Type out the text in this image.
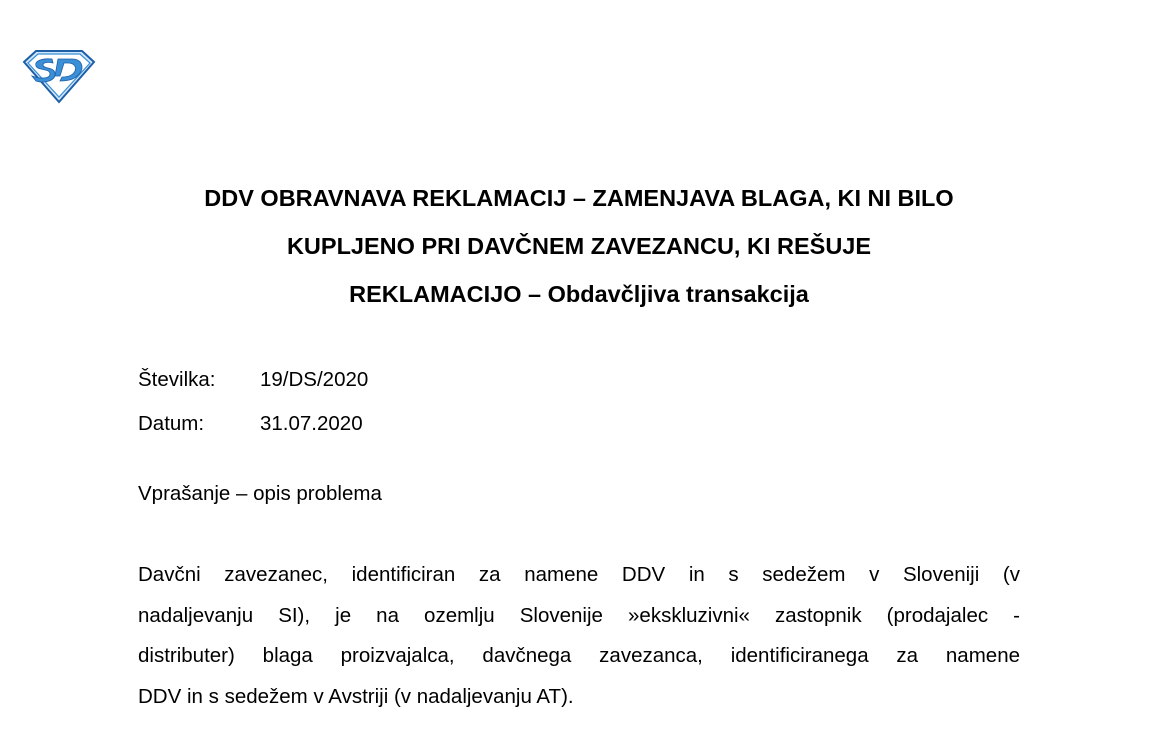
DDV OBRAVNAVA REKLAMACIJ – ZAMENJAVA BLAGA, KI NI BILO
KUPLJENO PRI DAVČNEM ZAVEZANCU, KI REŠUJE
REKLAMACIJO – Obdavčljiva transakcija
Številka:	19/DS/2020
Datum:	31.07.2020
Vprašanje – opis problema
Davčni zavezanec, identificiran za namene DDV in s sedežem v Sloveniji (v
nadaljevanju SI), je na ozemlju Slovenije »ekskluzivni« zastopnik (prodajalec -
distributer) blaga proizvajalca, davčnega zavezanca, identificiranega za namene
DDV in s sedežem v Avstriji (v nadaljevanju AT).
